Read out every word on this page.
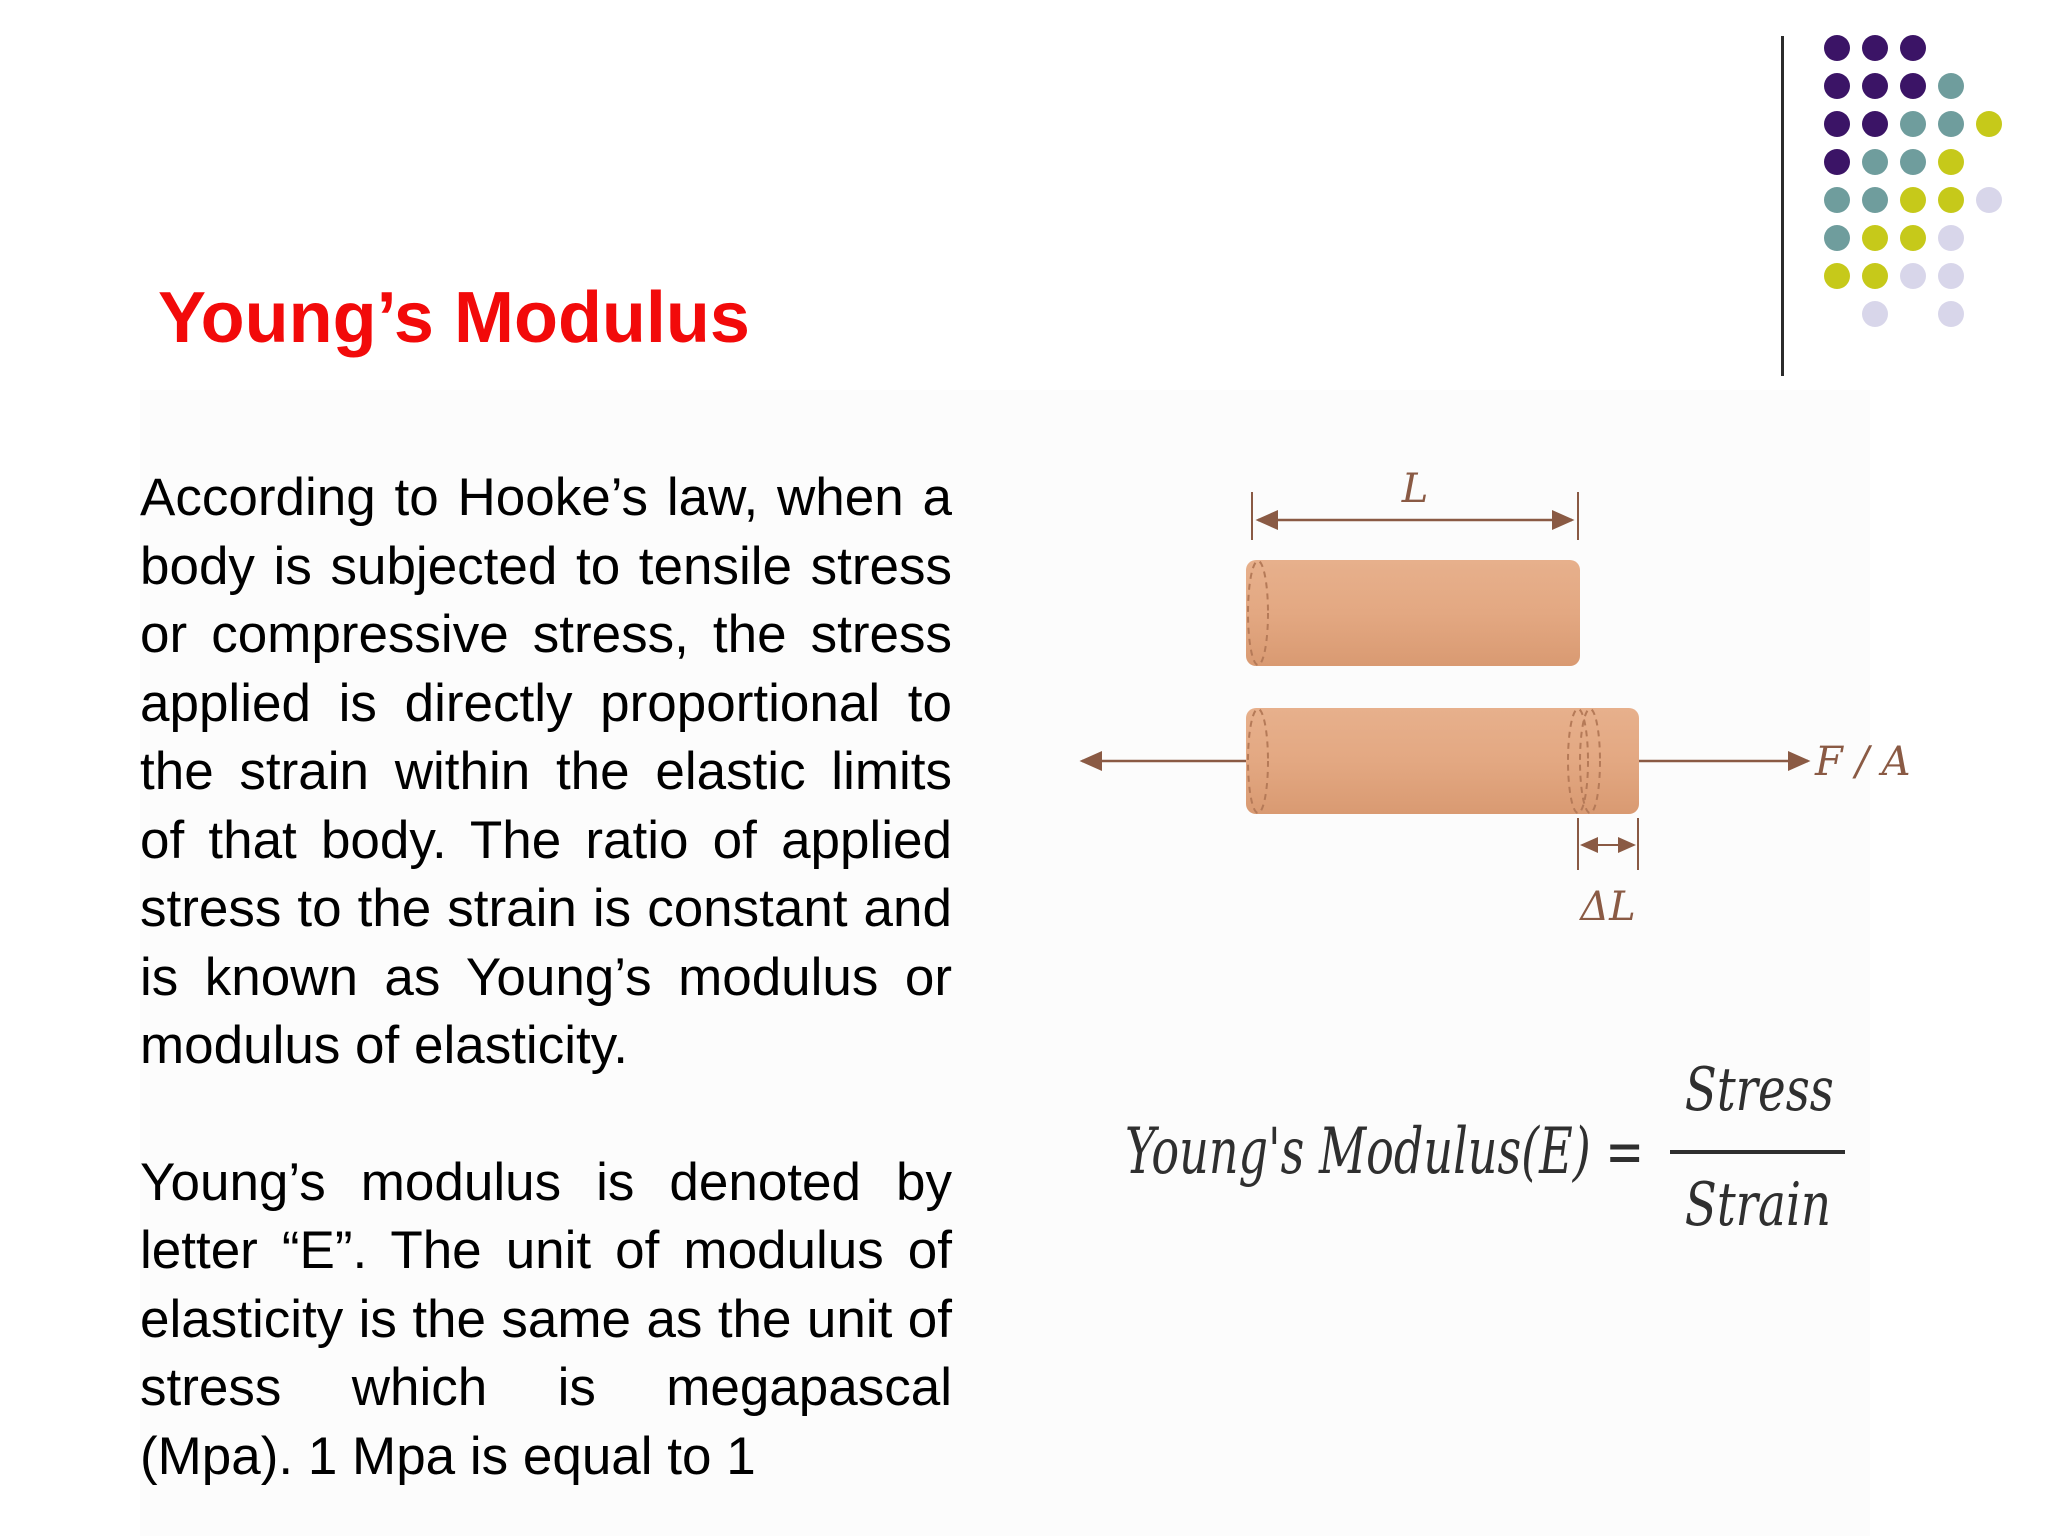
Young’s Modulus

According to Hooke’s law, when a body is subjected to tensile stress or compressive stress, the stress applied is directly proportional to the strain within the elastic limits of that body. The ratio of applied stress to the strain is constant and is known as Young’s modulus or modulus of elasticity.

Young’s modulus is denoted by letter “E”. The unit of modulus of elasticity is the same as the unit of stress which is megapascal (Mpa). 1 Mpa is equal to 1

L
F / A
ΔL
Young's Modulus(E) =
Stress
Strain
